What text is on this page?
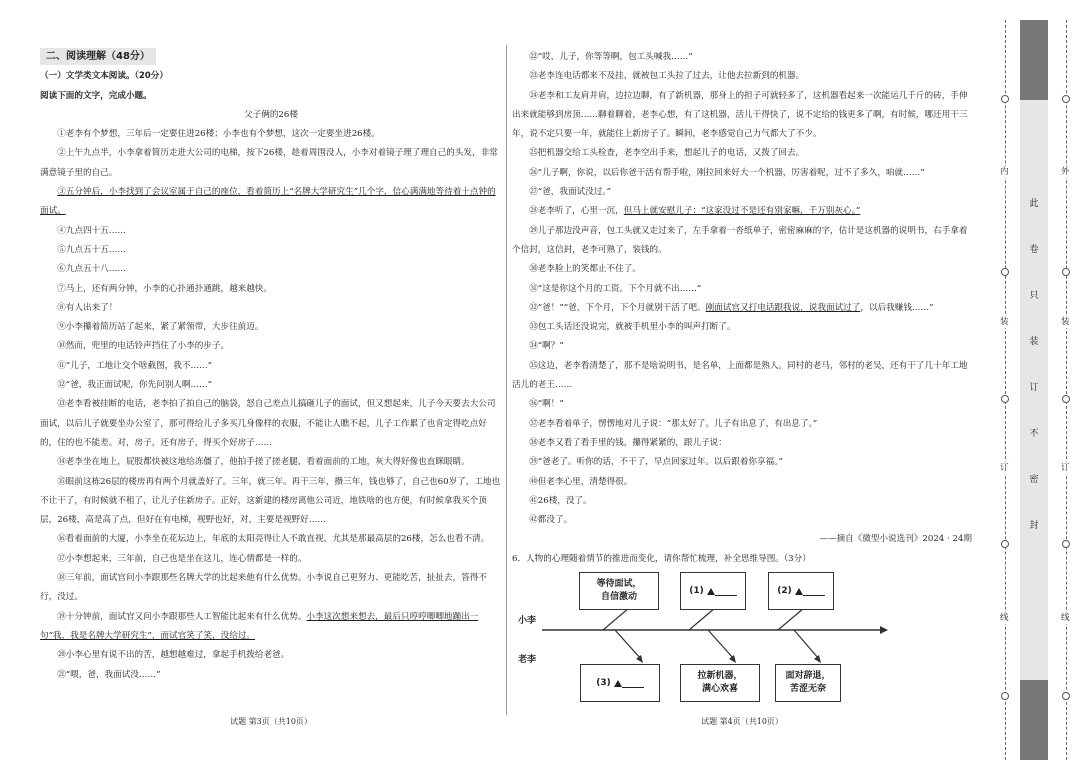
二、阅读理解（48分）

（一）文学类文本阅读。（20分）

阅读下面的文字，完成小题。

父子俩的26楼

①老李有个梦想，三年后一定要住进26楼；小李也有个梦想，这次一定要坐进26楼。

②上午九点半，小李拿着简历走进大公司的电梯，按下26楼，趁着周围没人，小李对着镜子理了理自己的头发，非常满意镜子里的自己。

③五分钟后，小李找到了会议室属于自己的座位，看着简历上“名牌大学研究生”几个字，信心满满地等待着十点钟的面试。

④九点四十五……

⑤九点五十五……

⑥九点五十八……

⑦马上，还有两分钟，小李的心扑通扑通跳，越来越快。

⑧有人出来了！

⑨小李攥着简历站了起来，紧了紧领带，大步往前迈。

⑩然而，兜里的电话铃声挡住了小李的步子。

⑪“儿子，工地让交个啥截图，我不……”

⑫“爸，我正面试呢，你先问别人啊……”

⑬老李看被挂断的电话，老李拍了拍自己的脑袋，怒自己差点儿搞砸儿子的面试，但又想起来，儿子今天要去大公司面试，以后儿子就要坐办公室了，那可得给儿子多买几身像样的衣服，不能让人瞧不起，儿子工作累了也肯定得吃点好的，住的也不能差。对，房子，还有房子，得买个好房子……

⑭老李坐在地上，屁股都快被这地给冻僵了，他拍手搓了搓老腿，看着面前的工地，灰大得好像也直眯眼睛。

⑮眼前这栋26层的楼房再有两个月就盖好了。三年，就三年。再干三年，攒三年，钱也够了，自己也60岁了，工地也不让干了，有时候就不租了，让儿子住新房子。正好，这新建的楼房离他公司近，地铁啥的也方便，有时候拿我买个顶层，26楼，高是高了点，但好在有电梯，视野也好，对，主要是视野好……

⑯看着面前的大厦，小李坐在花坛边上，年底的太阳亮得让人不敢直视，尤其是那最高层的26楼，怎么也看不清。

⑰小李想起来，三年前，自己也是坐在这儿，连心情都是一样的。

⑱三年前，面试官问小李跟那些名牌大学的比起来他有什么优势。小李说自己更努力、更能吃苦，扯扯去，答得不行，没过。

⑲十分钟前，面试官又问小李跟那些人工智能比起来有什么优势。小李这次想来想去，最后只哼哼唧唧地蹦出一句“我，我是名牌大学研究生”，面试官笑了笑，没给过。

⑳小李心里有说不出的苦，越想越难过，拿起手机拨给老爸。

㉑“喂，爸，我面试没……”

试题 第3页（共10页）

㉒“哎，儿子，你等等啊，包工头喊我……”

㉓老李连电话都来不及挂，就被包工头拉了过去，让他去拉新到的机器。

㉔老李和工友肩并肩，边拉边聊，有了新机器，那身上的担子可就轻多了，这机器看起来一次能运几千斤的砖，手伸出来就能够到房顶……聊着聊着，老李心想，有了这机器，活儿干得快了，说不定给的钱更多了啊，有时候，哪还用干三年，说不定只要一年，就能住上新房子了。瞬间，老李感觉自己力气都大了不少。

㉕把机器交给工头检查，老李空出手来，想起儿子的电话，又拨了回去。

㉖“儿子啊，你说，以后你爸干活有帮手啦，刚拉回来好大一个机器，厉害着呢，过不了多久，咱就……”

㉗“爸，我面试没过。”

㉘老李听了，心里一沉，但马上就安慰儿子：“这家没过不是还有别家嘛，千万别灰心。”

㉙儿子那边没声音，包工头就又走过来了，左手拿着一沓纸单子，密密麻麻的字，估计是这机器的说明书，右手拿着个信封，这信封，老李可熟了，装钱的。

㉚老李脸上的笑都止不住了。

㉛“这是你这个月的工资。下个月就不出……”

㉜“爸！”“爸，下个月，下个月就别干活了吧。刚面试官又打电话跟我说，说我面试过了，以后我赚钱……”

㉝包工头话还没说完，就被手机里小李的叫声打断了。

㉞“啊？”

㉟这边，老李看清楚了，那不是啥说明书，是名单，上面都是熟人。同村的老马，邻村的老吴，还有干了几十年工地活儿的老王……

㊱“啊！”

㊲老李看着单子，愣愣地对儿子说：“那太好了。儿子有出息了，有出息了。”

㊳老李又看了看手里的钱，攥得紧紧的，跟儿子说：

㊴“爸老了。听你的话，不干了，早点回家过年。以后跟着你享福。”

㊵但老李心里，清楚得很。

㊶26楼，没了。

㊷都没了。

——摘自《微型小说选刊》2024 · 24期

6．人物的心理随着情节的推进而变化，请你帮忙梳理，补全思维导图。（3分）

小李
老李
等待面试，
自信激动
(1)	(2)
(3)
拉新机器，
满心欢喜
面对辞退，
苦涩无奈
试题 第4页（共10页）
内
装
订
线
外
装
订
线
此
卷
只
装
订
不
密
封
